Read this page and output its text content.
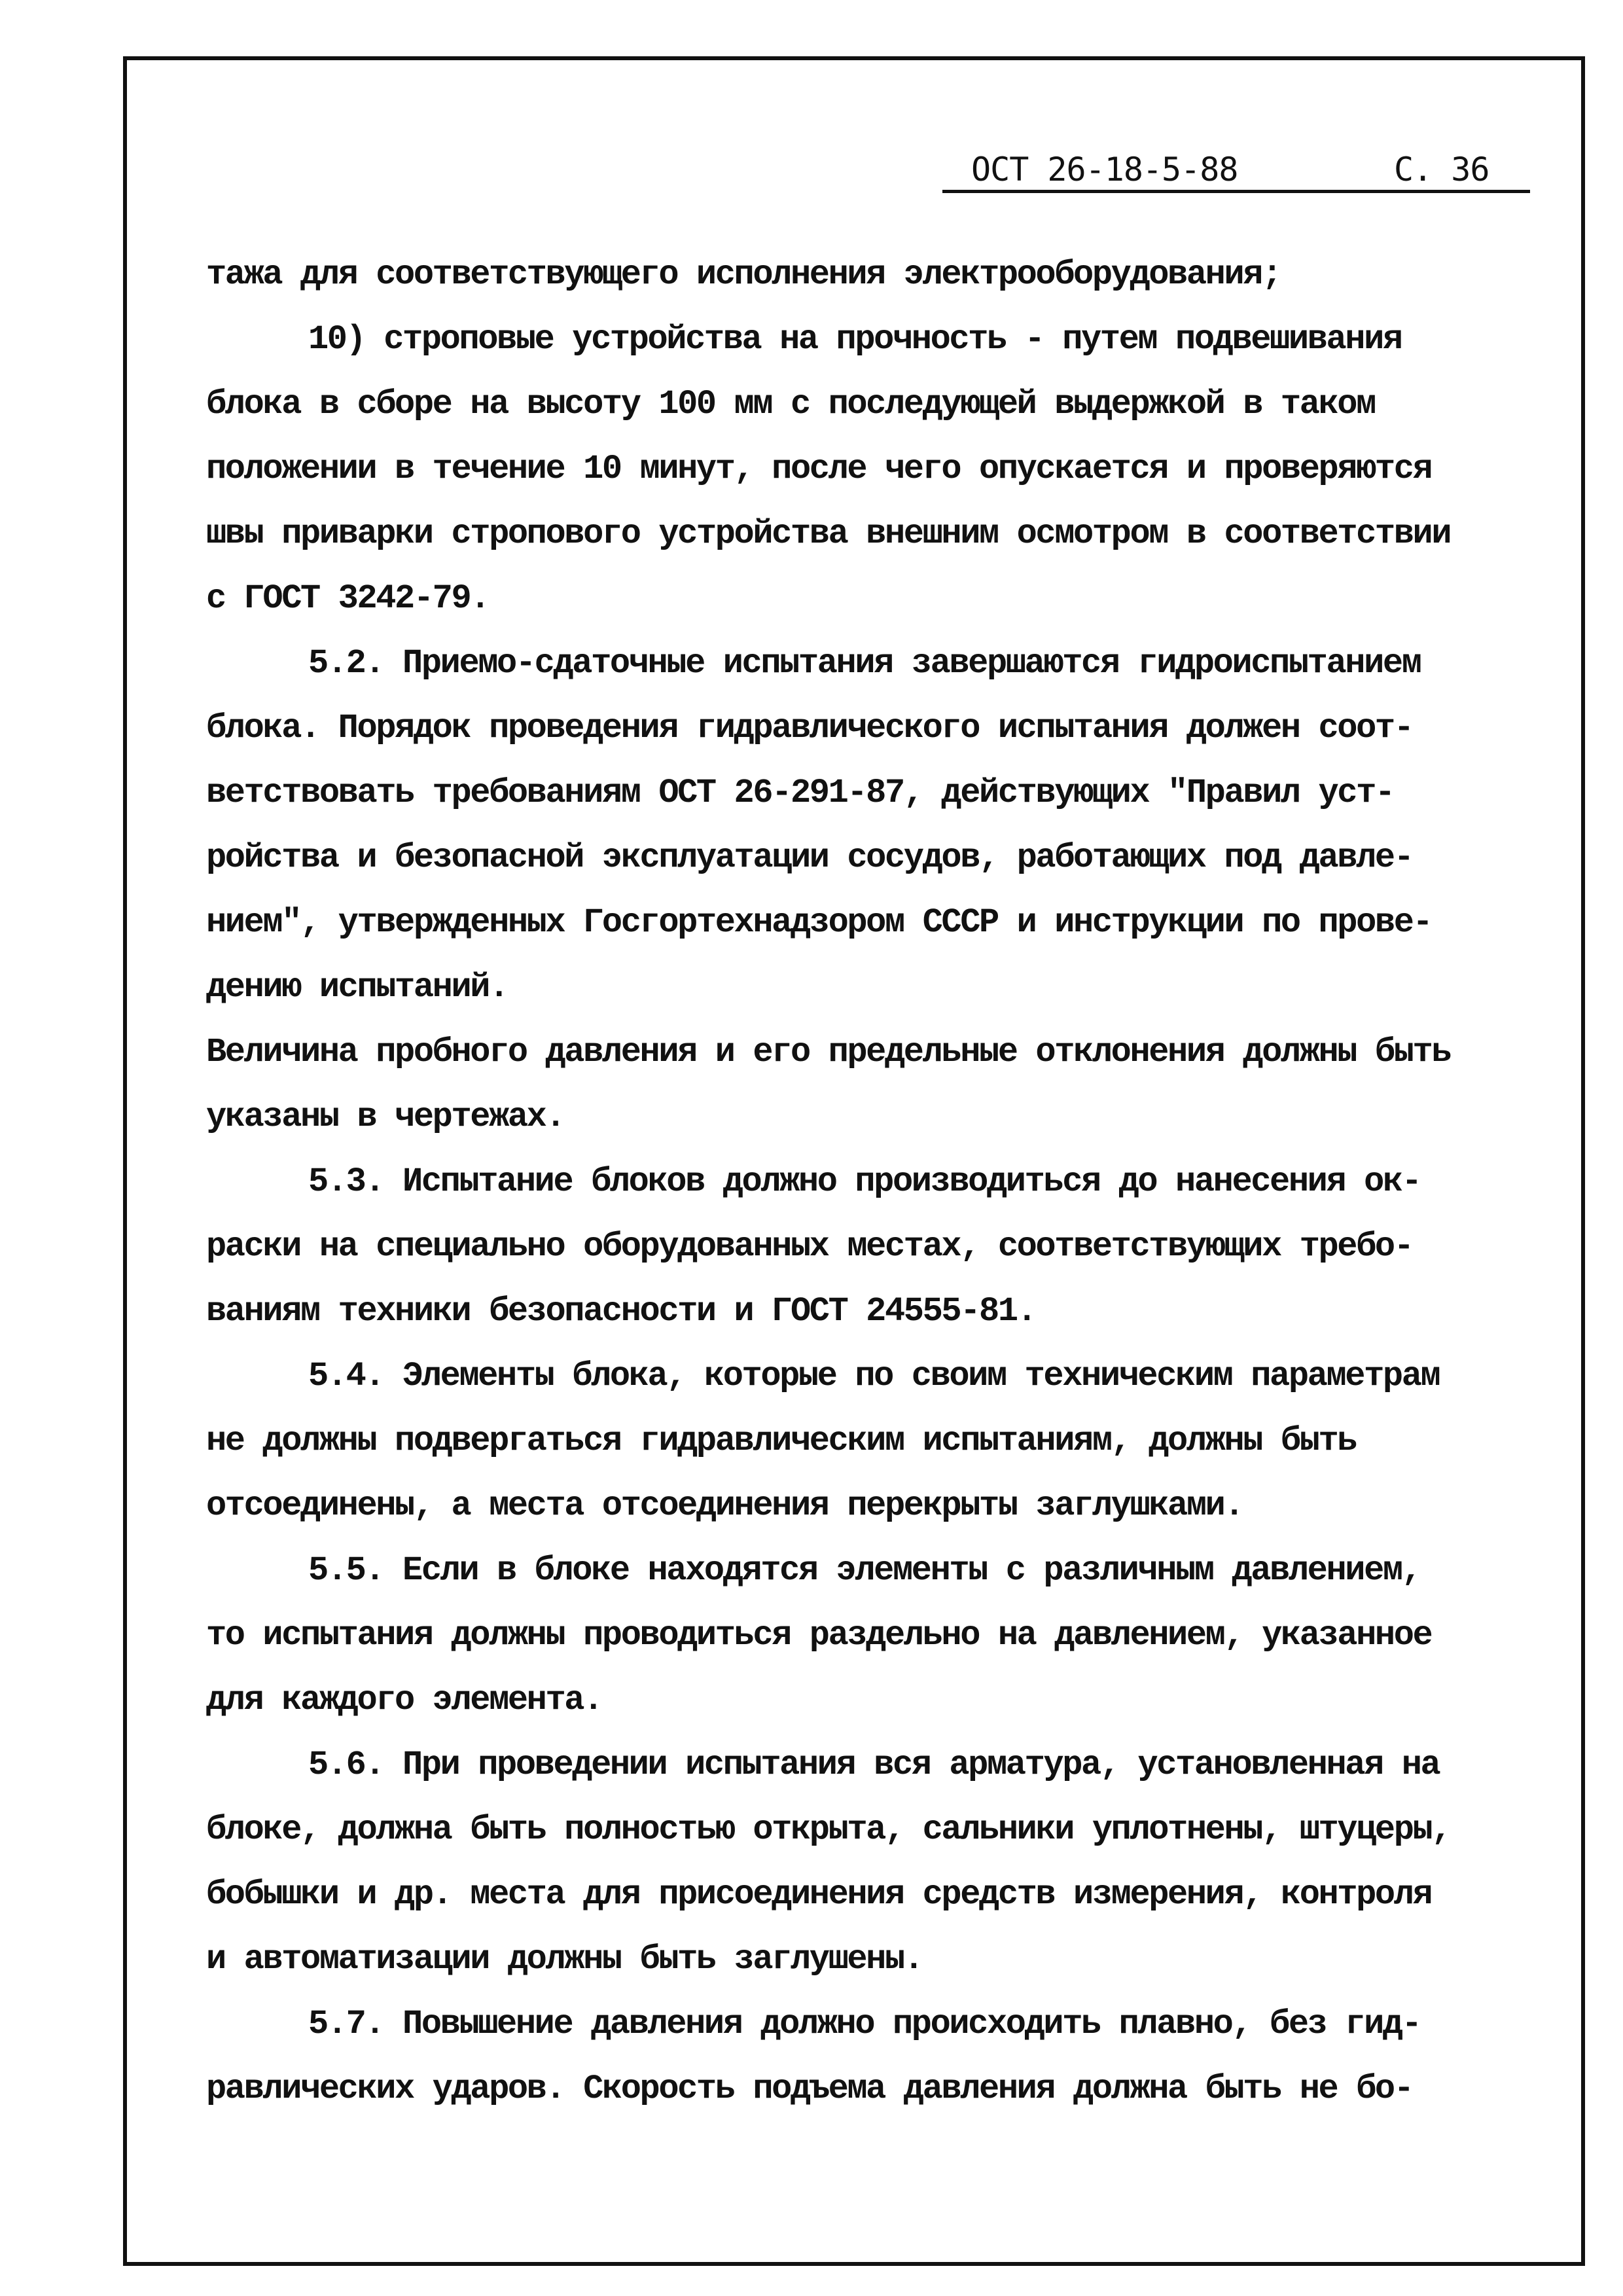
ОСТ 26-18-5-88	С. 36
тажа для соответствующего исполнения электрооборудования;
10) строповые устройства на прочность - путем подвешивания
блока в сборе на высоту 100 мм с последующей выдержкой в таком
положении в течение 10 минут, после чего опускается и проверяются
швы приварки стропового устройства внешним осмотром в соответствии
с ГОСТ 3242-79.
5.2. Приемо-сдаточные испытания завершаются гидроиспытанием
блока. Порядок проведения гидравлического испытания должен соот-
ветствовать требованиям ОСТ 26-291-87, действующих "Правил уст-
ройства и безопасной эксплуатации сосудов, работающих под давле-
нием", утвержденных Госгортехнадзором СССР и инструкции по прове-
дению испытаний.
Величина пробного давления и его предельные отклонения должны быть
указаны в чертежах.
5.3. Испытание блоков должно производиться до нанесения ок-
раски на специально оборудованных местах, соответствующих требо-
ваниям техники безопасности и ГОСТ 24555-81.
5.4. Элементы блока, которые по своим техническим параметрам
не должны подвергаться гидравлическим испытаниям, должны быть
отсоединены, а места отсоединения перекрыты заглушками.
5.5. Если в блоке находятся элементы с различным давлением,
то испытания должны проводиться раздельно на давлением, указанное
для каждого элемента.
5.6. При проведении испытания вся арматура, установленная на
блоке, должна быть полностью открыта, сальники уплотнены, штуцеры,
бобышки и др. места для присоединения средств измерения, контроля
и автоматизации должны быть заглушены.
5.7. Повышение давления должно происходить плавно, без гид-
равлических ударов. Скорость подъема давления должна быть не бо-
